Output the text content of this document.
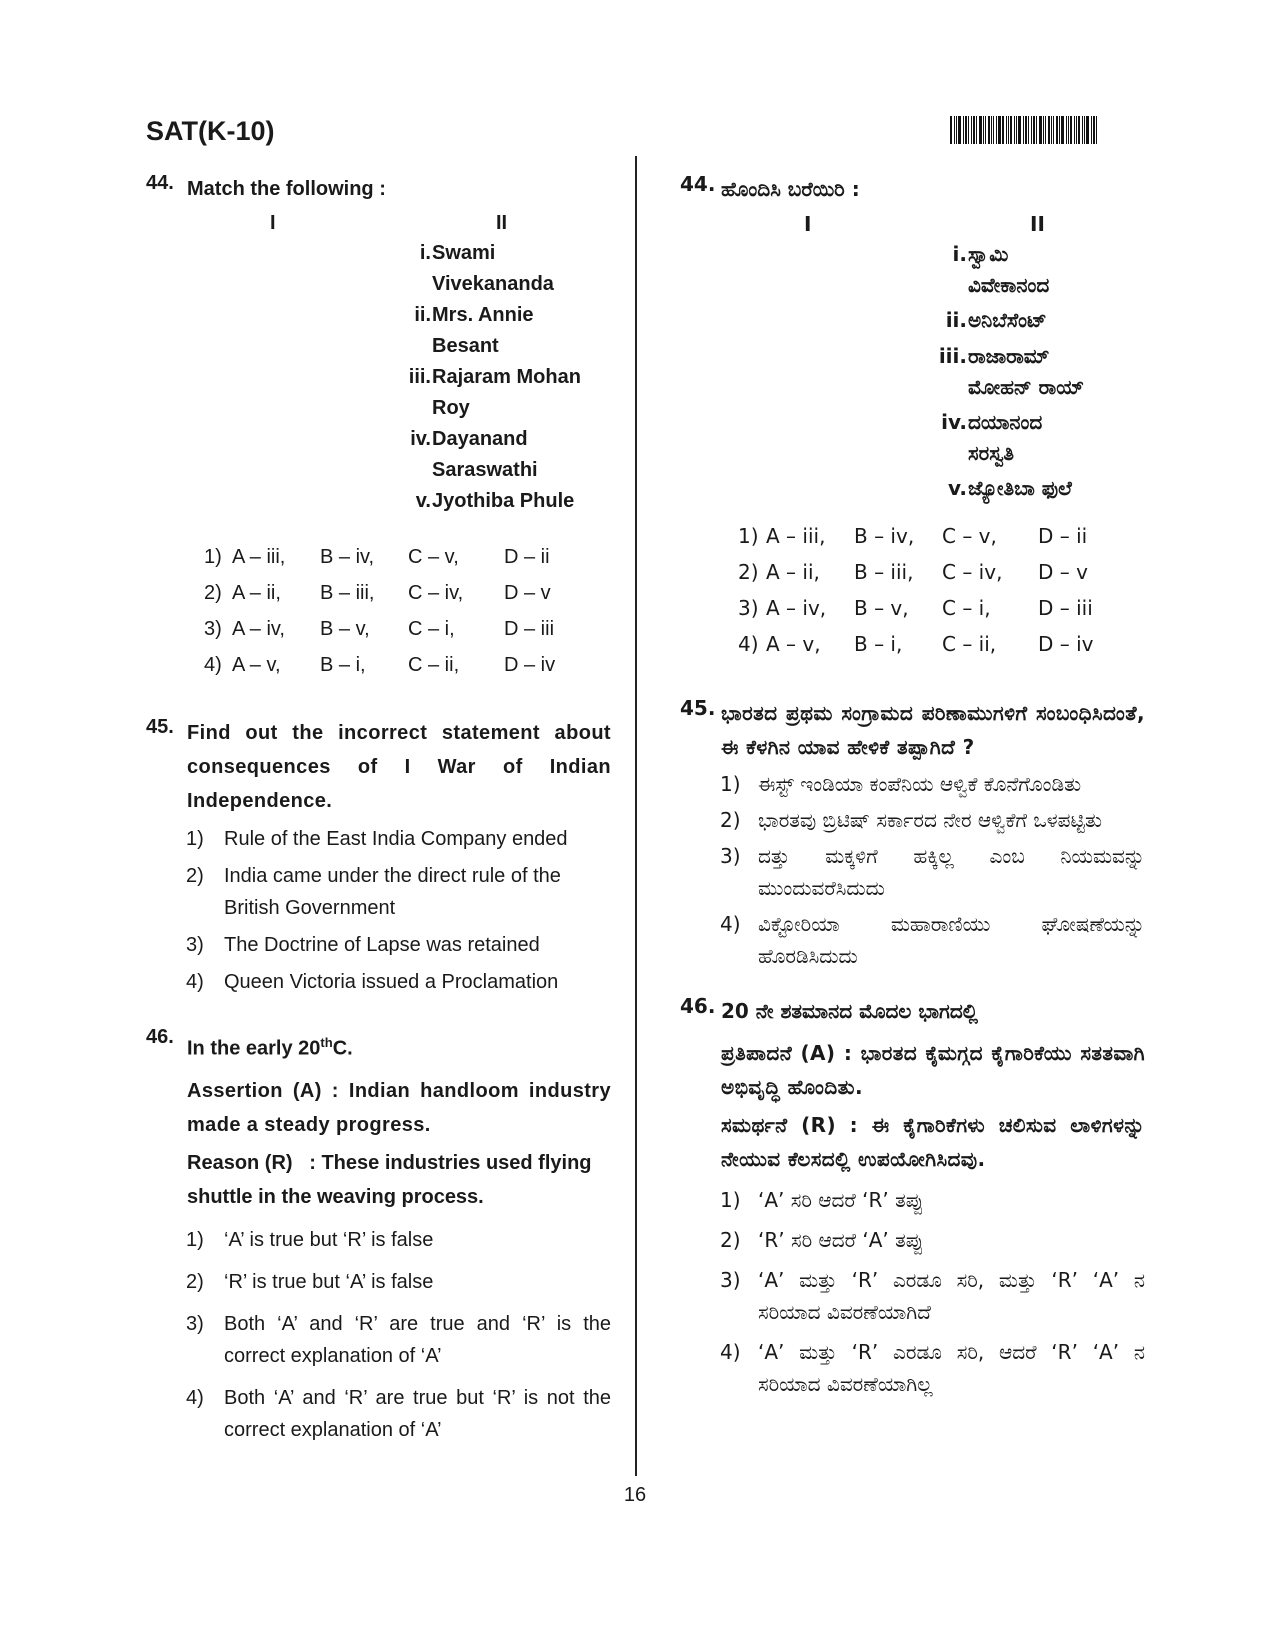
SAT(K-10)
44. Match the following :
I	II
i. Swami
Vivekananda
ii. Mrs. Annie
Besant
iii. Rajaram Mohan
Roy
iv. Dayanand
Saraswathi
v. Jyothiba Phule
1) A – iii, B – iv, C – v, D – ii
2) A – ii, B – iii, C – iv, D – v
3) A – iv, B – v, C – i, D – iii
4) A – v, B – i, C – ii, D – iv
45. Find out the incorrect statement about consequences of I War of Indian Independence.
1)	Rule of the East India Company ended
2)	India came under the direct rule of the British Government
3)	The Doctrine of Lapse was retained
4)	Queen Victoria issued a Proclamation
46.
In the early 20thC.
Assertion (A) : Indian handloom industry made a steady progress.
Reason (R)   : These industries used flying shuttle in the weaving process.
1)	‘A’ is true but ‘R’ is false
2)	‘R’ is true but ‘A’ is false
3)	Both ‘A’ and ‘R’ are true and ‘R’ is the correct explanation of ‘A’
4)	Both ‘A’ and ‘R’ are true but ‘R’ is not the correct explanation of ‘A’
44. ಹೊಂದಿಸಿ ಬರೆಯಿರಿ :
I	II
i. ಸ್ವಾಮಿ
ವಿವೇಕಾನಂದ
ii. ಅನಿಬೆಸೆಂಟ್
iii. ರಾಜಾರಾಮ್
ಮೋಹನ್ ರಾಯ್
iv. ದಯಾನಂದ
ಸರಸ್ವತಿ
v. ಜ್ಯೋತಿಬಾ ಫುಲೆ
1) A – iii, B – iv, C – v, D – ii
2) A – ii, B – iii, C – iv, D – v
3) A – iv, B – v, C – i, D – iii
4) A – v, B – i, C – ii, D – iv
45. ಭಾರತದ ಪ್ರಥಮ ಸಂಗ್ರಾಮದ ಪರಿಣಾಮುಗಳಿಗೆ ಸಂಬಂಧಿಸಿದಂತೆ, ಈ ಕೆಳಗಿನ ಯಾವ ಹೇಳಿಕೆ ತಪ್ಪಾಗಿದೆ ?
1) ಈಸ್ಟ್ ಇಂಡಿಯಾ ಕಂಪೆನಿಯ ಆಳ್ವಿಕೆ ಕೊನೆಗೊಂಡಿತು
2) ಭಾರತವು ಬ್ರಿಟಿಷ್ ಸರ್ಕಾರದ ನೇರ ಆಳ್ವಿಕೆಗೆ ಒಳಪಟ್ಟಿತು
3) ದತ್ತು ಮಕ್ಕಳಿಗೆ ಹಕ್ಕಿಲ್ಲ ಎಂಬ ನಿಯಮವನ್ನು ಮುಂದುವರೆಸಿದುದು
4) ವಿಕ್ಟೋರಿಯಾ ಮಹಾರಾಣಿಯು ಘೋಷಣೆಯನ್ನು ಹೊರಡಿಸಿದುದು
46. 20 ನೇ ಶತಮಾನದ ಮೊದಲ ಭಾಗದಲ್ಲಿ
ಪ್ರತಿಪಾದನೆ (A) : ಭಾರತದ ಕೈಮಗ್ಗದ ಕೈಗಾರಿಕೆಯು ಸತತವಾಗಿ ಅಭಿವೃದ್ಧಿ ಹೊಂದಿತು.
ಸಮರ್ಥನೆ (R) : ಈ ಕೈಗಾರಿಕೆಗಳು ಚಲಿಸುವ ಲಾಳಿಗಳನ್ನು ನೇಯುವ ಕೆಲಸದಲ್ಲಿ ಉಪಯೋಗಿಸಿದವು.
1) ‘A’ ಸರಿ ಆದರೆ ‘R’ ತಪ್ಪು
2) ‘R’ ಸರಿ ಆದರೆ ‘A’ ತಪ್ಪು
3) ‘A’ ಮತ್ತು ‘R’ ಎರಡೂ ಸರಿ, ಮತ್ತು ‘R’ ‘A’ ನ ಸರಿಯಾದ ವಿವರಣೆಯಾಗಿದೆ
4) ‘A’ ಮತ್ತು ‘R’ ಎರಡೂ ಸರಿ, ಆದರೆ ‘R’ ‘A’ ನ ಸರಿಯಾದ ವಿವರಣೆಯಾಗಿಲ್ಲ
16
